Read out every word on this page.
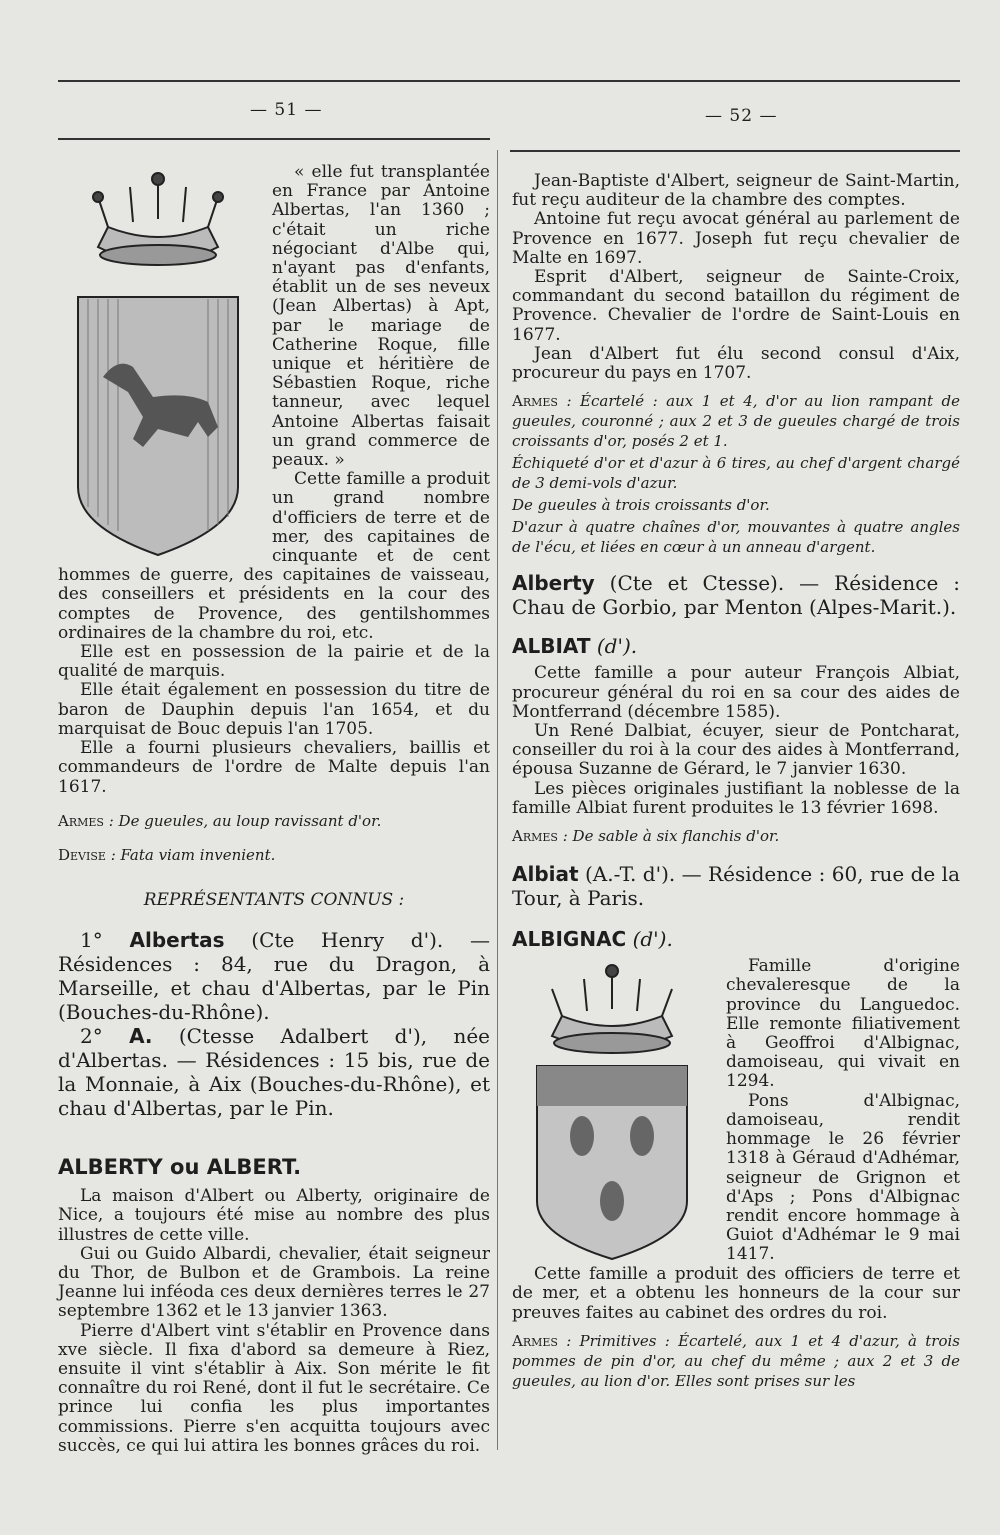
— 51 —	— 52 —

« elle fut transplantée en France par Antoine Albertas, l'an 1360 ; c'était un riche négociant d'Albe qui, n'ayant pas d'enfants, établit un de ses neveux (Jean Albertas) à Apt, par le mariage de Catherine Roque, fille unique et héritière de Sébastien Roque, riche tanneur, avec lequel Antoine Albertas faisait un grand commerce de peaux. »

Cette famille a produit un grand nombre d'officiers de terre et de mer, des capitaines de cinquante et de cent hommes de guerre, des capitaines de vaisseau, des conseillers et présidents en la cour des comptes de Provence, des gentilshommes ordinaires de la chambre du roi, etc.

Elle est en possession de la pairie et de la qualité de marquis.

Elle était également en possession du titre de baron de Dauphin depuis l'an 1654, et du marquisat de Bouc depuis l'an 1705.

Elle a fourni plusieurs chevaliers, baillis et commandeurs de l'ordre de Malte depuis l'an 1617.

Armes : De gueules, au loup ravissant d'or.

Devise : Fata viam invenient.

REPRÉSENTANTS CONNUS :

1° Albertas (Cte Henry d'). — Résidences : 84, rue du Dragon, à Marseille, et chau d'Albertas, par le Pin (Bouches-du-Rhône).

2° A. (Ctesse Adalbert d'), née d'Albertas. — Résidences : 15 bis, rue de la Monnaie, à Aix (Bouches-du-Rhône), et chau d'Albertas, par le Pin.

ALBERTY ou ALBERT.

La maison d'Albert ou Alberty, originaire de Nice, a toujours été mise au nombre des plus illustres de cette ville.

Gui ou Guido Albardi, chevalier, était seigneur du Thor, de Bulbon et de Grambois. La reine Jeanne lui inféoda ces deux dernières terres le 27 septembre 1362 et le 13 janvier 1363.

Pierre d'Albert vint s'établir en Provence dans xve siècle. Il fixa d'abord sa demeure à Riez, ensuite il vint s'établir à Aix. Son mérite le fit connaître du roi René, dont il fut le secrétaire. Ce prince lui confia les plus importantes commissions. Pierre s'en acquitta toujours avec succès, ce qui lui attira les bonnes grâces du roi.

Jean-Baptiste d'Albert, seigneur de Saint-Martin, fut reçu auditeur de la chambre des comptes.

Antoine fut reçu avocat général au parlement de Provence en 1677. Joseph fut reçu chevalier de Malte en 1697.

Esprit d'Albert, seigneur de Sainte-Croix, commandant du second bataillon du régiment de Provence. Chevalier de l'ordre de Saint-Louis en 1677.

Jean d'Albert fut élu second consul d'Aix, procureur du pays en 1707.

Armes : Écartelé : aux 1 et 4, d'or au lion rampant de gueules, couronné ; aux 2 et 3 de gueules chargé de trois croissants d'or, posés 2 et 1.

Échiqueté d'or et d'azur à 6 tires, au chef d'argent chargé de 3 demi-vols d'azur.

De gueules à trois croissants d'or.

D'azur à quatre chaînes d'or, mouvantes à quatre angles de l'écu, et liées en cœur à un anneau d'argent.

Alberty (Cte et Ctesse). — Résidence : Chau de Gorbio, par Menton (Alpes-Marit.).

ALBIAT (d').

Cette famille a pour auteur François Albiat, procureur général du roi en sa cour des aides de Montferrand (décembre 1585).

Un René Dalbiat, écuyer, sieur de Pontcharat, conseiller du roi à la cour des aides à Montferrand, épousa Suzanne de Gérard, le 7 janvier 1630.

Les pièces originales justifiant la noblesse de la famille Albiat furent produites le 13 février 1698.

Armes : De sable à six flanchis d'or.

Albiat (A.-T. d'). — Résidence : 60, rue de la Tour, à Paris.

ALBIGNAC (d').

Famille d'origine chevaleresque de la province du Languedoc. Elle remonte filiativement à Geoffroi d'Albignac, damoiseau, qui vivait en 1294.

Pons d'Albignac, damoiseau, rendit hommage le 26 février 1318 à Géraud d'Adhémar, seigneur de Grignon et d'Aps ; Pons d'Albignac rendit encore hommage à Guiot d'Adhémar le 9 mai 1417.

Cette famille a produit des officiers de terre et de mer, et a obtenu les honneurs de la cour sur preuves faites au cabinet des ordres du roi.

Armes : Primitives : Écartelé, aux 1 et 4 d'azur, à trois pommes de pin d'or, au chef du même ; aux 2 et 3 de gueules, au lion d'or. Elles sont prises sur les
